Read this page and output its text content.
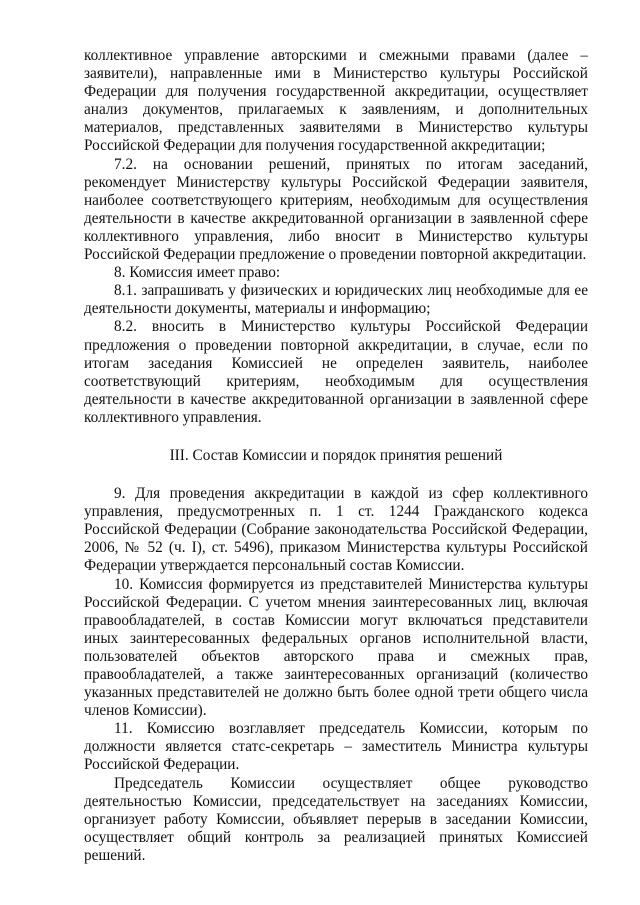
коллективное управление авторскими и смежными правами (далее – заявители), направленные ими в Министерство культуры Российской Федерации для получения государственной аккредитации, осуществляет анализ документов, прилагаемых к заявлениям, и дополнительных материалов, представленных заявителями в Министерство культуры Российской Федерации для получения государственной аккредитации;

7.2. на основании решений, принятых по итогам заседаний, рекомендует Министерству культуры Российской Федерации заявителя, наиболее соответствующего критериям, необходимым для осуществления деятельности в качестве аккредитованной организации в заявленной сфере коллективного управления, либо вносит в Министерство культуры Российской Федерации предложение о проведении повторной аккредитации.

8. Комиссия имеет право:

8.1. запрашивать у физических и юридических лиц необходимые для ее деятельности документы, материалы и информацию;

8.2. вносить в Министерство культуры Российской Федерации предложения о проведении повторной аккредитации, в случае, если по итогам заседания Комиссией не определен заявитель, наиболее соответствующий критериям, необходимым для осуществления деятельности в качестве аккредитованной организации в заявленной сфере коллективного управления.

III. Состав Комиссии и порядок принятия решений

9. Для проведения аккредитации в каждой из сфер коллективного управления, предусмотренных п. 1 ст. 1244 Гражданского кодекса Российской Федерации (Собрание законодательства Российской Федерации, 2006, № 52 (ч. I), ст. 5496), приказом Министерства культуры Российской Федерации утверждается персональный состав Комиссии.

10. Комиссия формируется из представителей Министерства культуры Российской Федерации. С учетом мнения заинтересованных лиц, включая правообладателей, в состав Комиссии могут включаться представители иных заинтересованных федеральных органов исполнительной власти, пользователей объектов авторского права и смежных прав, правообладателей, а также заинтересованных организаций (количество указанных представителей не должно быть более одной трети общего числа членов Комиссии).

11. Комиссию возглавляет председатель Комиссии, которым по должности является статс-секретарь – заместитель Министра культуры Российской Федерации.

Председатель Комиссии осуществляет общее руководство деятельностью Комиссии, председательствует на заседаниях Комиссии, организует работу Комиссии, объявляет перерыв в заседании Комиссии, осуществляет общий контроль за реализацией принятых Комиссией решений.
